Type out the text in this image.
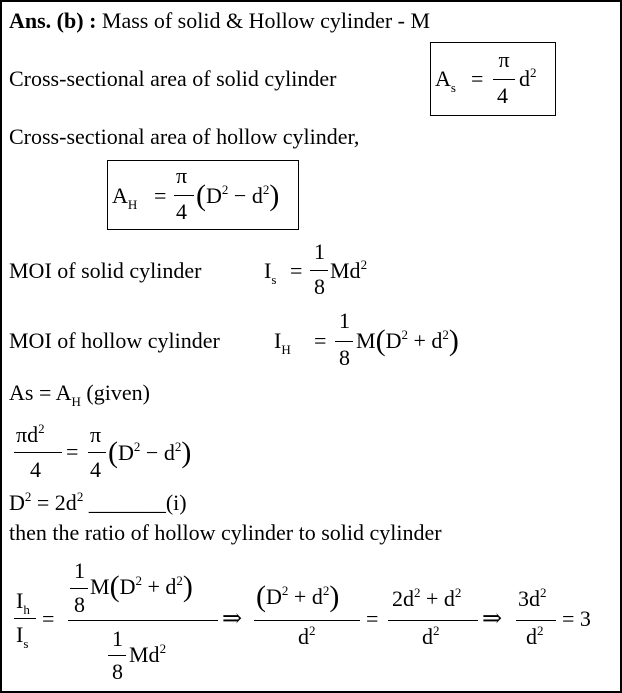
Ans. (b) : Mass of solid & Hollow cylinder - M
Cross-sectional area of solid cylinder	$A_s$ =
π
4
$d^2$
Cross-sectional area of hollow cylinder,
$A_H$ =
π
4 $(D^2 - d^2)$
MOI of solid cylinder	$I_s$ =
1
8
Md$^2$
MOI of hollow cylinder $I_H$ =
1
8
$M(D^2 + d^2)$
$As = A_H$ (given)
$\pi d^2$
4
=
π
4
$(D^2 - d^2)$
$D^2 = 2d^2$ _______(i)
then the ratio of hollow cylinder to solid cylinder
$I_h$
$I_s$
=
1
8
$M(D^2 + d^2)$
1
8
Md$^2$
⇒
$(D^2 + d^2)$
$d^2$ =
$2d^2 + d^2$
$d^2$ ⇒
$3d^2$
$d^2 = 3$
